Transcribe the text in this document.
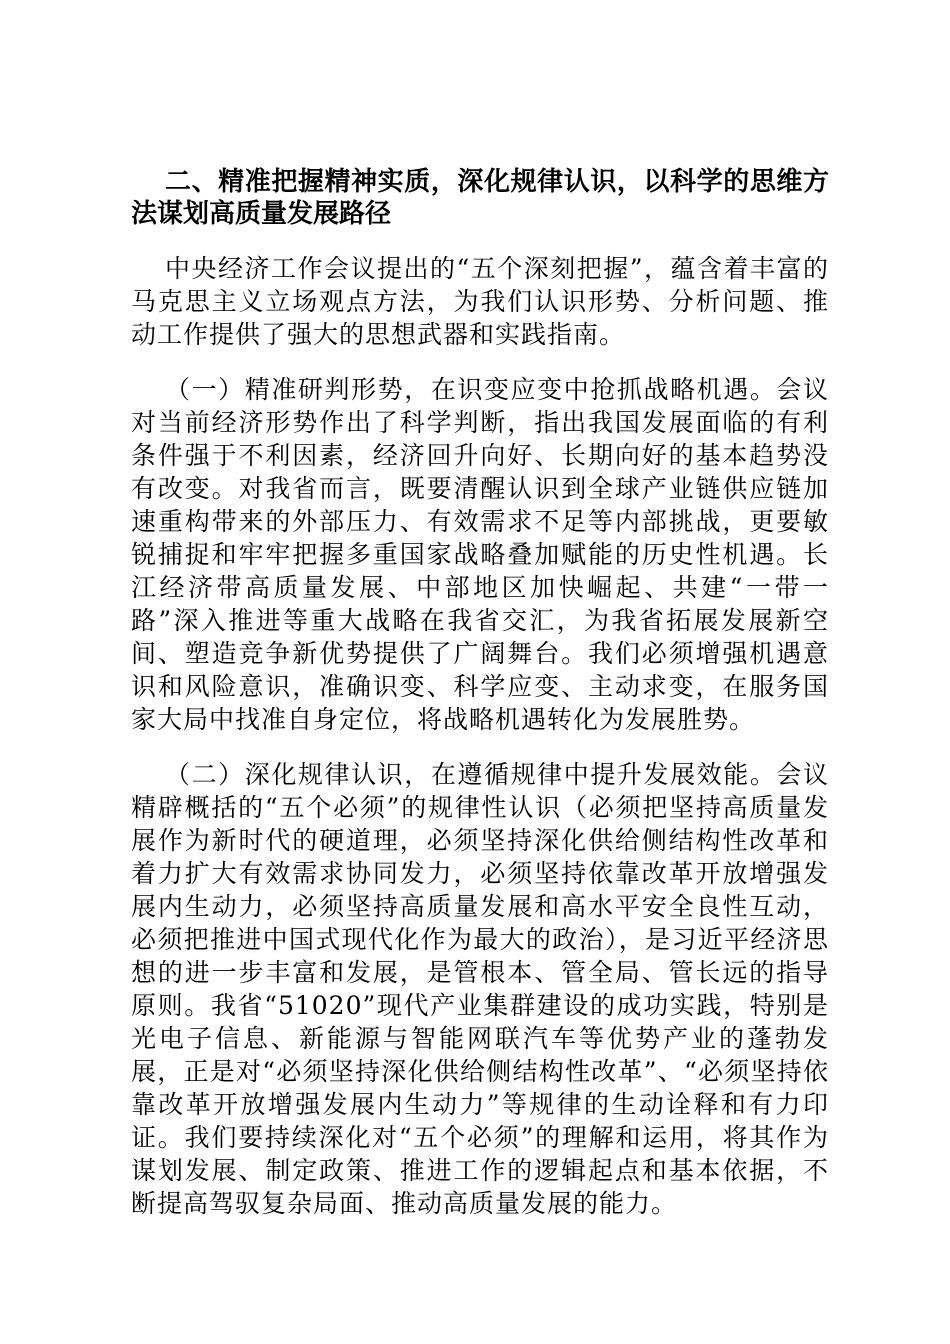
二、精准把握精神实质，深化规律认识，以科学的思维方法谋划高质量发展路径

中央经济工作会议提出的“五个深刻把握”，蕴含着丰富的马克思主义立场观点方法，为我们认识形势、分析问题、推动工作提供了强大的思想武器和实践指南。

（一）精准研判形势，在识变应变中抢抓战略机遇。会议对当前经济形势作出了科学判断，指出我国发展面临的有利条件强于不利因素，经济回升向好、长期向好的基本趋势没有改变。对我省而言，既要清醒认识到全球产业链供应链加速重构带来的外部压力、有效需求不足等内部挑战，更要敏锐捕捉和牢牢把握多重国家战略叠加赋能的历史性机遇。长江经济带高质量发展、中部地区加快崛起、共建“一带一路”深入推进等重大战略在我省交汇，为我省拓展发展新空间、塑造竞争新优势提供了广阔舞台。我们必须增强机遇意识和风险意识，准确识变、科学应变、主动求变，在服务国家大局中找准自身定位，将战略机遇转化为发展胜势。

（二）深化规律认识，在遵循规律中提升发展效能。会议精辟概括的“五个必须”的规律性认识（必须把坚持高质量发展作为新时代的硬道理，必须坚持深化供给侧结构性改革和着力扩大有效需求协同发力，必须坚持依靠改革开放增强发展内生动力，必须坚持高质量发展和高水平安全良性互动，必须把推进中国式现代化作为最大的政治），是习近平经济思想的进一步丰富和发展，是管根本、管全局、管长远的指导原则。我省“51020”现代产业集群建设的成功实践，特别是光电子信息、新能源与智能网联汽车等优势产业的蓬勃发展，正是对“必须坚持深化供给侧结构性改革”、“必须坚持依靠改革开放增强发展内生动力”等规律的生动诠释和有力印证。我们要持续深化对“五个必须”的理解和运用，将其作为谋划发展、制定政策、推进工作的逻辑起点和基本依据，不断提高驾驭复杂局面、推动高质量发展的能力。
